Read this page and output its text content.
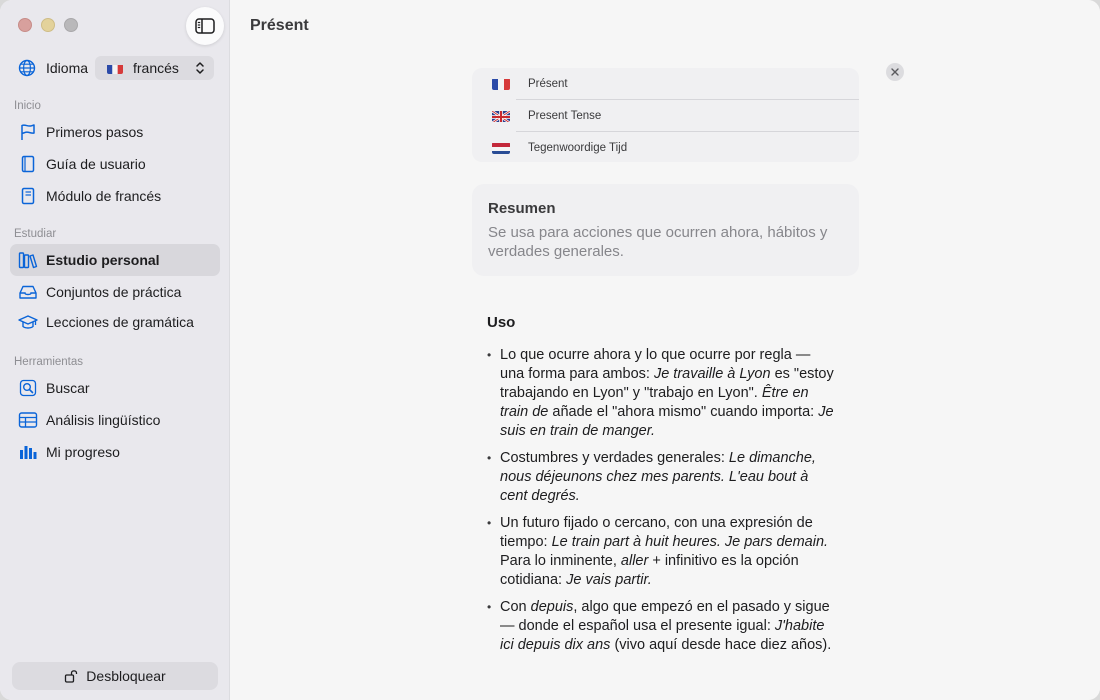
Idioma	francés
Inicio
Primeros pasos
Guía de usuario
Módulo de francés
Estudiar
Estudio personal
Conjuntos de práctica
Lecciones de gramática
Herramientas
Buscar
Análisis lingüístico
Mi progreso
Desbloquear
Présent
Présent
Present Tense
Tegenwoordige Tijd
Resumen
Se usa para acciones que ocurren ahora, hábitos y verdades generales.
Uso
• Lo que ocurre ahora y lo que ocurre por regla — una forma para ambos: Je travaille à Lyon es "estoy trabajando en Lyon" y "trabajo en Lyon". Être en train de añade el "ahora mismo" cuando importa: Je suis en train de manger.
• Costumbres y verdades generales: Le dimanche, nous déjeunons chez mes parents. L'eau bout à cent degrés.
• Un futuro fijado o cercano, con una expresión de tiempo: Le train part à huit heures. Je pars demain. Para lo inminente, aller + infinitivo es la opción cotidiana: Je vais partir.
• Con depuis, algo que empezó en el pasado y sigue — donde el español usa el presente igual: J'habite ici depuis dix ans (vivo aquí desde hace diez años).
